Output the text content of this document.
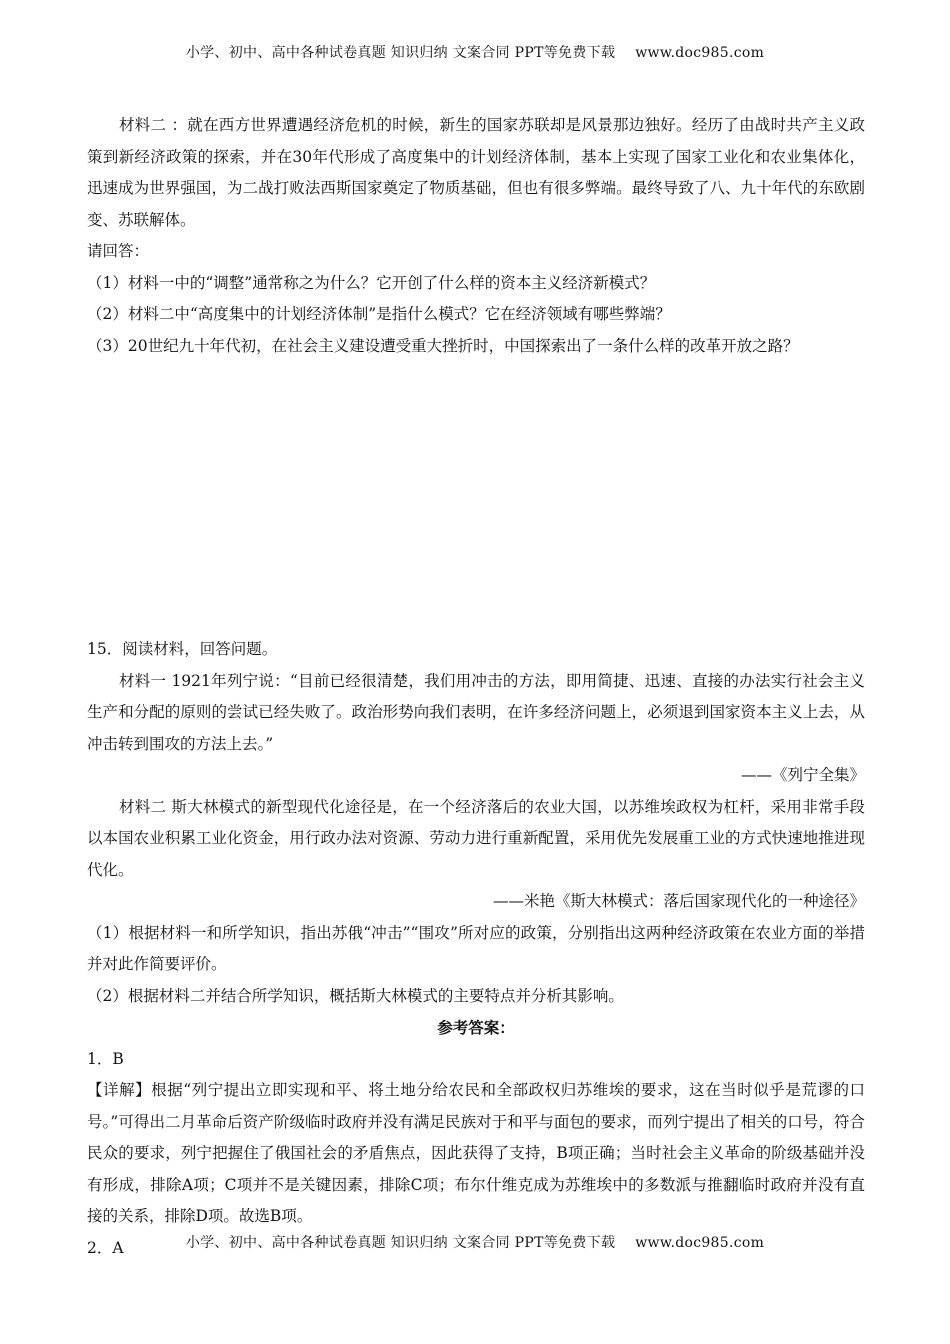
小学、初中、高中各种试卷真题 知识归纳 文案合同 PPT等免费下载 www.doc985.com

材料二 ：就在西方世界遭遇经济危机的时候，新生的国家苏联却是风景那边独好。经历了由战时共产主义政策到新经济政策的探索，并在30年代形成了高度集中的计划经济体制，基本上实现了国家工业化和农业集体化，迅速成为世界强国，为二战打败法西斯国家奠定了物质基础，但也有很多弊端。最终导致了八、九十年代的东欧剧变、苏联解体。

请回答：

（1）材料一中的“调整”通常称之为什么？它开创了什么样的资本主义经济新模式？

（2）材料二中“高度集中的计划经济体制”是指什么模式？它在经济领域有哪些弊端？

（3）20世纪九十年代初，在社会主义建设遭受重大挫折时，中国探索出了一条什么样的改革开放之路？

15．阅读材料，回答问题。

材料一 1921年列宁说：“目前已经很清楚，我们用冲击的方法，即用简捷、迅速、直接的办法实行社会主义生产和分配的原则的尝试已经失败了。政治形势向我们表明，在许多经济问题上，必须退到国家资本主义上去，从冲击转到围攻的方法上去。”

——《列宁全集》

材料二 斯大林模式的新型现代化途径是，在一个经济落后的农业大国，以苏维埃政权为杠杆，采用非常手段以本国农业积累工业化资金，用行政办法对资源、劳动力进行重新配置，采用优先发展重工业的方式快速地推进现代化。

——米艳《斯大林模式：落后国家现代化的一种途径》

（1）根据材料一和所学知识，指出苏俄“冲击”“围攻”所对应的政策，分别指出这两种经济政策在农业方面的举措并对此作简要评价。

（2）根据材料二并结合所学知识，概括斯大林模式的主要特点并分析其影响。

参考答案：

1．B

【详解】根据“列宁提出立即实现和平、将土地分给农民和全部政权归苏维埃的要求，这在当时似乎是荒谬的口号。”可得出二月革命后资产阶级临时政府并没有满足民族对于和平与面包的要求，而列宁提出了相关的口号，符合民众的要求，列宁把握住了俄国社会的矛盾焦点，因此获得了支持，B项正确；当时社会主义革命的阶级基础并没有形成，排除A项；C项并不是关键因素，排除C项；布尔什维克成为苏维埃中的多数派与推翻临时政府并没有直接的关系，排除D项。故选B项。

2．A	小学、初中、高中各种试卷真题 知识归纳 文案合同 PPT等免费下载 www.doc985.com
